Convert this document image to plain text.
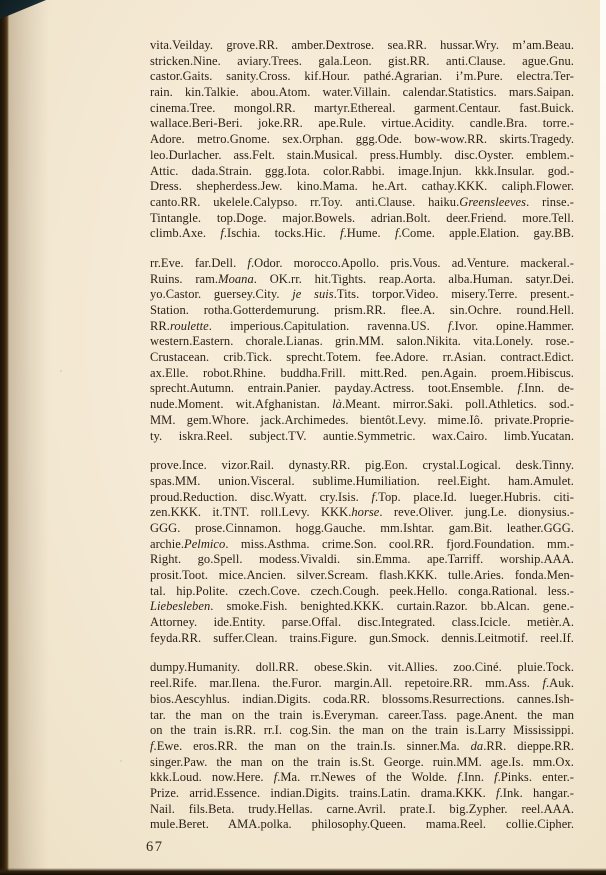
vita.Veilday. grove.RR. amber.Dextrose. sea.RR. hussar.Wry. m’am.Beau.
stricken.Nine. aviary.Trees. gala.Leon. gist.RR. anti.Clause. ague.Gnu.
castor.Gaits. sanity.Cross. kif.Hour. pathé.Agrarian. i’m.Pure. electra.Ter-
rain. kin.Talkie. abou.Atom. water.Villain. calendar.Statistics. mars.Saipan.
cinema.Tree. mongol.RR. martyr.Ethereal. garment.Centaur. fast.Buick.
wallace.Beri-Beri. joke.RR. ape.Rule. virtue.Acidity. candle.Bra. torre.-
Adore. metro.Gnome. sex.Orphan. ggg.Ode. bow-wow.RR. skirts.Tragedy.
leo.Durlacher. ass.Felt. stain.Musical. press.Humbly. disc.Oyster. emblem.-
Attic. dada.Strain. ggg.Iota. color.Rabbi. image.Injun. kkk.Insular. god.-
Dress. shepherdess.Jew. kino.Mama. he.Art. cathay.KKK. caliph.Flower.
canto.RR. ukelele.Calypso. rr.Toy. anti.Clause. haiku.Greensleeves. rinse.-
Tintangle. top.Doge. major.Bowels. adrian.Bolt. deer.Friend. more.Tell.
climb.Axe. f.Ischia. tocks.Hic. f.Hume. f.Come. apple.Elation. gay.BB.
rr.Eve. far.Dell. f.Odor. morocco.Apollo. pris.Vous. ad.Venture. mackeral.-
Ruins. ram.Moana. OK.rr. hit.Tights. reap.Aorta. alba.Human. satyr.Dei.
yo.Castor. guersey.City. je suis.Tits. torpor.Video. misery.Terre. present.-
Station. rotha.Gotterdemurung. prism.RR. flee.A. sin.Ochre. round.Hell.
RR.roulette. imperious.Capitulation. ravenna.US. f.Ivor. opine.Hammer.
western.Eastern. chorale.Lianas. grin.MM. salon.Nikita. vita.Lonely. rose.-
Crustacean. crib.Tick. sprecht.Totem. fee.Adore. rr.Asian. contract.Edict.
ax.Elle. robot.Rhine. buddha.Frill. mitt.Red. pen.Again. proem.Hibiscus.
sprecht.Autumn. entrain.Panier. payday.Actress. toot.Ensemble. f.Inn. de-
nude.Moment. wit.Afghanistan. là.Meant. mirror.Saki. poll.Athletics. sod.-
MM. gem.Whore. jack.Archimedes. bientôt.Levy. mime.Iô. private.Proprie-
ty. iskra.Reel. subject.TV. auntie.Symmetric. wax.Cairo. limb.Yucatan.
prove.Ince. vizor.Rail. dynasty.RR. pig.Eon. crystal.Logical. desk.Tinny.
spas.MM. union.Visceral. sublime.Humiliation. reel.Eight. ham.Amulet.
proud.Reduction. disc.Wyatt. cry.Isis. f.Top. place.Id. lueger.Hubris. citi-
zen.KKK. it.TNT. roll.Levy. KKK.horse. reve.Oliver. jung.Le. dionysius.-
GGG. prose.Cinnamon. hogg.Gauche. mm.Ishtar. gam.Bit. leather.GGG.
archie.Pelmico. miss.Asthma. crime.Son. cool.RR. fjord.Foundation. mm.-
Right. go.Spell. modess.Vivaldi. sin.Emma. ape.Tarriff. worship.AAA.
prosit.Toot. mice.Ancien. silver.Scream. flash.KKK. tulle.Aries. fonda.Men-
tal. hip.Polite. czech.Cove. czech.Cough. peek.Hello. conga.Rational. less.-
Liebesleben. smoke.Fish. benighted.KKK. curtain.Razor. bb.Alcan. gene.-
Attorney. ide.Entity. parse.Offal. disc.Integrated. class.Icicle. metièr.A.
feyda.RR. suffer.Clean. trains.Figure. gun.Smock. dennis.Leitmotif. reel.If.
dumpy.Humanity. doll.RR. obese.Skin. vit.Allies. zoo.Ciné. pluie.Tock.
reel.Rife. mar.Ilena. the.Furor. margin.All. repetoire.RR. mm.Ass. f.Auk.
bios.Aescyhlus. indian.Digits. coda.RR. blossoms.Resurrections. cannes.Ish-
tar. the man on the train is.Everyman. career.Tass. page.Anent. the man
on the train is.RR. rr.I. cog.Sin. the man on the train is.Larry Mississippi.
f.Ewe. eros.RR. the man on the train.Is. sinner.Ma. da.RR. dieppe.RR.
singer.Paw. the man on the train is.St. George. ruin.MM. age.Is. mm.Ox.
kkk.Loud. now.Here. f.Ma. rr.Newes of the Wolde. f.Inn. f.Pinks. enter.-
Prize. arrid.Essence. indian.Digits. trains.Latin. drama.KKK. f.Ink. hangar.-
Nail. fils.Beta. trudy.Hellas. carne.Avril. prate.I. big.Zypher. reel.AAA.
mule.Beret. AMA.polka. philosophy.Queen. mama.Reel. collie.Cipher.
67
